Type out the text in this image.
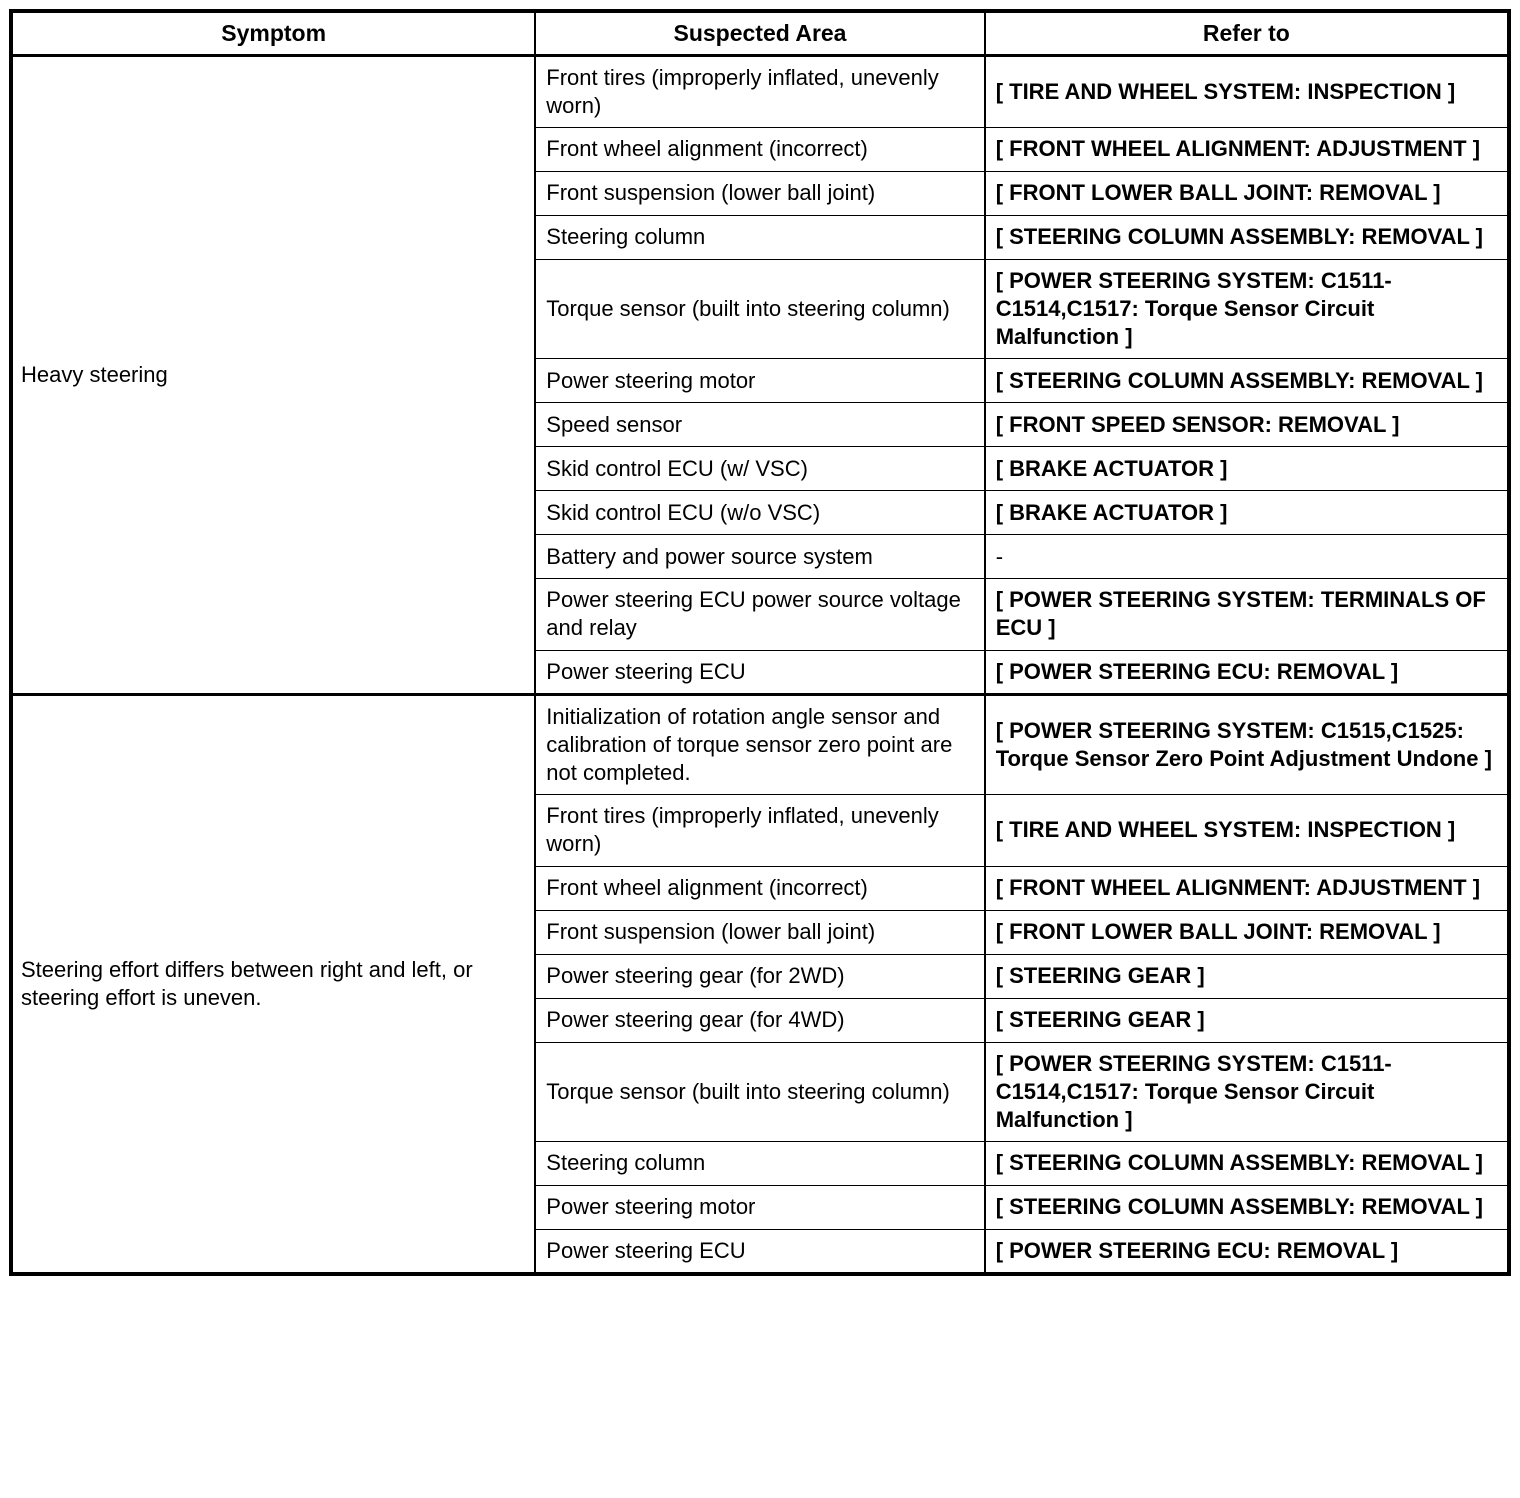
Symptom	Suspected Area	Refer to
Heavy steering	Front tires (improperly inflated, unevenly worn)	[ TIRE AND WHEEL SYSTEM: INSPECTION ]
	Front wheel alignment (incorrect)	[ FRONT WHEEL ALIGNMENT: ADJUSTMENT ]
	Front suspension (lower ball joint)	[ FRONT LOWER BALL JOINT: REMOVAL ]
	Steering column	[ STEERING COLUMN ASSEMBLY: REMOVAL ]
	Torque sensor (built into steering column)	[ POWER STEERING SYSTEM: C1511-C1514,C1517: Torque Sensor Circuit Malfunction ]
	Power steering motor	[ STEERING COLUMN ASSEMBLY: REMOVAL ]
	Speed sensor	[ FRONT SPEED SENSOR: REMOVAL ]
	Skid control ECU (w/ VSC)	[ BRAKE ACTUATOR ]
	Skid control ECU (w/o VSC)	[ BRAKE ACTUATOR ]
	Battery and power source system	-
	Power steering ECU power source voltage and relay	[ POWER STEERING SYSTEM: TERMINALS OF ECU ]
	Power steering ECU	[ POWER STEERING ECU: REMOVAL ]
Steering effort differs between right and left, or steering effort is uneven.	Initialization of rotation angle sensor and calibration of torque sensor zero point are not completed.	[ POWER STEERING SYSTEM: C1515,C1525: Torque Sensor Zero Point Adjustment Undone ]
	Front tires (improperly inflated, unevenly worn)	[ TIRE AND WHEEL SYSTEM: INSPECTION ]
	Front wheel alignment (incorrect)	[ FRONT WHEEL ALIGNMENT: ADJUSTMENT ]
	Front suspension (lower ball joint)	[ FRONT LOWER BALL JOINT: REMOVAL ]
	Power steering gear (for 2WD)	[ STEERING GEAR ]
	Power steering gear (for 4WD)	[ STEERING GEAR ]
	Torque sensor (built into steering column)	[ POWER STEERING SYSTEM: C1511-C1514,C1517: Torque Sensor Circuit Malfunction ]
	Steering column	[ STEERING COLUMN ASSEMBLY: REMOVAL ]
	Power steering motor	[ STEERING COLUMN ASSEMBLY: REMOVAL ]
	Power steering ECU	[ POWER STEERING ECU: REMOVAL ]
